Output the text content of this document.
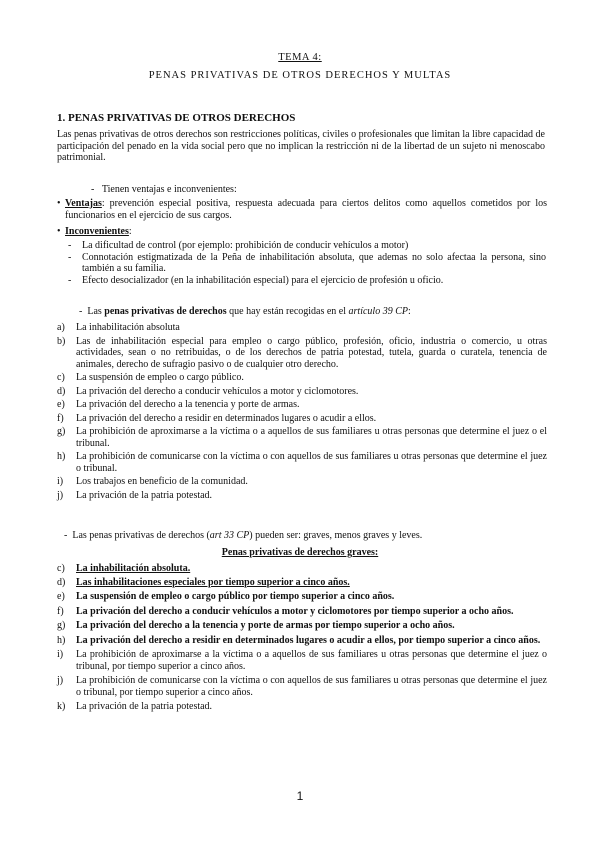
TEMA 4:
PENAS PRIVATIVAS DE OTROS DERECHOS Y MULTAS
1. PENAS PRIVATIVAS DE OTROS DERECHOS
Las penas privativas de otros derechos son restricciones políticas, civiles o profesionales que limitan la libre capacidad de participación del penado en la vida social pero que no implican la restricción ni de la libertad de un sujeto ni menoscabo patrimonial.
- Tienen ventajas e inconvenientes:
• Ventajas: prevención especial positiva, respuesta adecuada para ciertos delitos como aquellos cometidos por los funcionarios en el ejercicio de sus cargos.
• Inconvenientes:
-	La dificultad de control (por ejemplo: prohibición de conducir vehículos a motor)
-	Connotación estigmatizada de la Peña de inhabilitación absoluta, que ademas no solo afectaa la persona, sino también a su familia.
-	Efecto desocializador (en la inhabilitación especial) para el ejercicio de profesión u oficio.
- Las penas privativas de derechos que hay están recogidas en el artículo 39 CP:
a)	La inhabilitación absoluta
b)	Las de inhabilitación especial para empleo o cargo público, profesión, oficio, industria o comercio, u otras actividades, sean o no retribuidas, o de los derechos de patria potestad, tutela, guarda o curatela, tenencia de animales, derecho de sufragio pasivo o de cualquier otro derecho.
c)	La suspensión de empleo o cargo público.
d)	La privación del derecho a conducir vehículos a motor y ciclomotores.
e)	La privación del derecho a la tenencia y porte de armas.
f)	La privación del derecho a residir en determinados lugares o acudir a ellos.
g)	La prohibición de aproximarse a la víctima o a aquellos de sus familiares u otras personas que determine el juez o el tribunal.
h)	La prohibición de comunicarse con la víctima o con aquellos de sus familiares u otras personas que determine el juez o tribunal.
i)	Los trabajos en beneficio de la comunidad.
j)	La privación de la patria potestad.
- Las penas privativas de derechos (art 33 CP) pueden ser: graves, menos graves y leves.
Penas privativas de derechos graves:
c)	La inhabilitación absoluta.
d)	Las inhabilitaciones especiales por tiempo superior a cinco años.
e)	La suspensión de empleo o cargo público por tiempo superior a cinco años.
f)	La privación del derecho a conducir vehículos a motor y ciclomotores por tiempo superior a ocho años.
g)	La privación del derecho a la tenencia y porte de armas por tiempo superior a ocho años.
h)	La privación del derecho a residir en determinados lugares o acudir a ellos, por tiempo superior a cinco años.
i)	La prohibición de aproximarse a la víctima o a aquellos de sus familiares u otras personas que determine el juez o tribunal, por tiempo superior a cinco años.
j)	La prohibición de comunicarse con la víctima o con aquellos de sus familiares u otras personas que determine el juez o tribunal, por tiempo superior a cinco años.
k)	La privación de la patria potestad.
1
